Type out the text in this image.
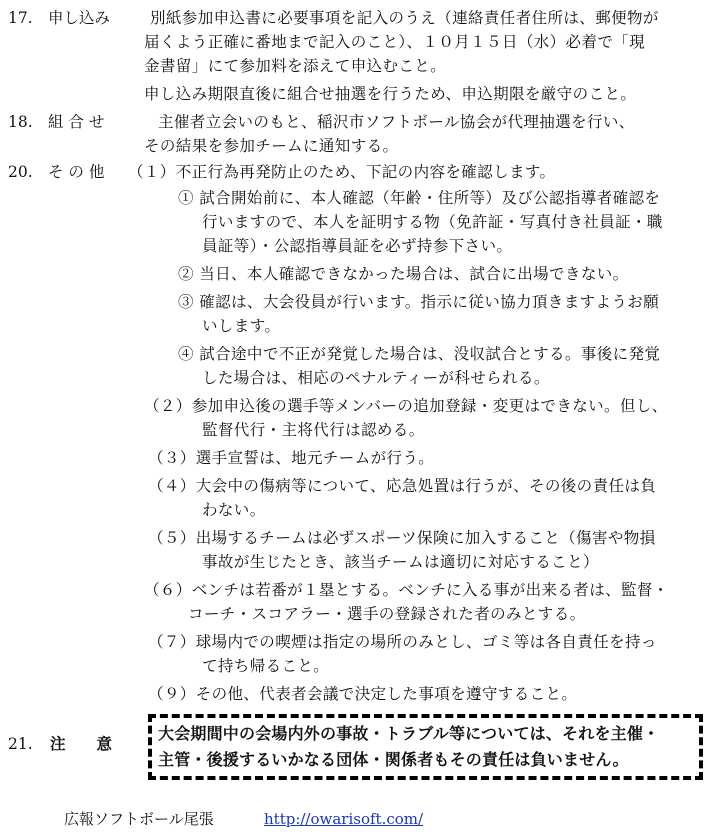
17. 申し込み	別紙参加申込書に必要事項を記入のうえ（連絡責任者住所は、郵便物が
届くよう正確に番地まで記入のこと）、１０月１５日（水）必着で「現
金書留」にて参加料を添えて申込むこと。
申し込み期限直後に組合せ抽選を行うため、申込期限を厳守のこと。
18. 組 合 せ	主催者立会いのもと、稲沢市ソフトボール協会が代理抽選を行い、
その結果を参加チームに通知する。
20. そ の 他 （１）不正行為再発防止のため、下記の内容を確認します。
① 試合開始前に、本人確認（年齢・住所等）及び公認指導者確認を
行いますので、本人を証明する物（免許証・写真付き社員証・職
員証等）・公認指導員証を必ず持参下さい。
② 当日、本人確認できなかった場合は、試合に出場できない。
③ 確認は、大会役員が行います。指示に従い協力頂きますようお願
いします。
④ 試合途中で不正が発覚した場合は、没収試合とする。事後に発覚
した場合は、相応のペナルティーが科せられる。
（２）参加申込後の選手等メンバーの追加登録・変更はできない。但し、
監督代行・主将代行は認める。
（３）選手宣誓は、地元チームが行う。
（４）大会中の傷病等について、応急処置は行うが、その後の責任は負
わない。
（５）出場するチームは必ずスポーツ保険に加入すること（傷害や物損
事故が生じたとき、該当チームは適切に対応すること）
（６）ベンチは若番が１塁とする。ベンチに入る事が出来る者は、監督・
コーチ・スコアラー・選手の登録された者のみとする。
（７）球場内での喫煙は指定の場所のみとし、ゴミ等は各自責任を持っ
て持ち帰ること。
（９）その他、代表者会議で決定した事項を遵守すること。
21. 注　　意
大会期間中の会場内外の事故・トラブル等については、それを主催・
主管・後援するいかなる団体・関係者もその責任は負いません。
広報ソフトボール尾張	http://owarisoft.com/
